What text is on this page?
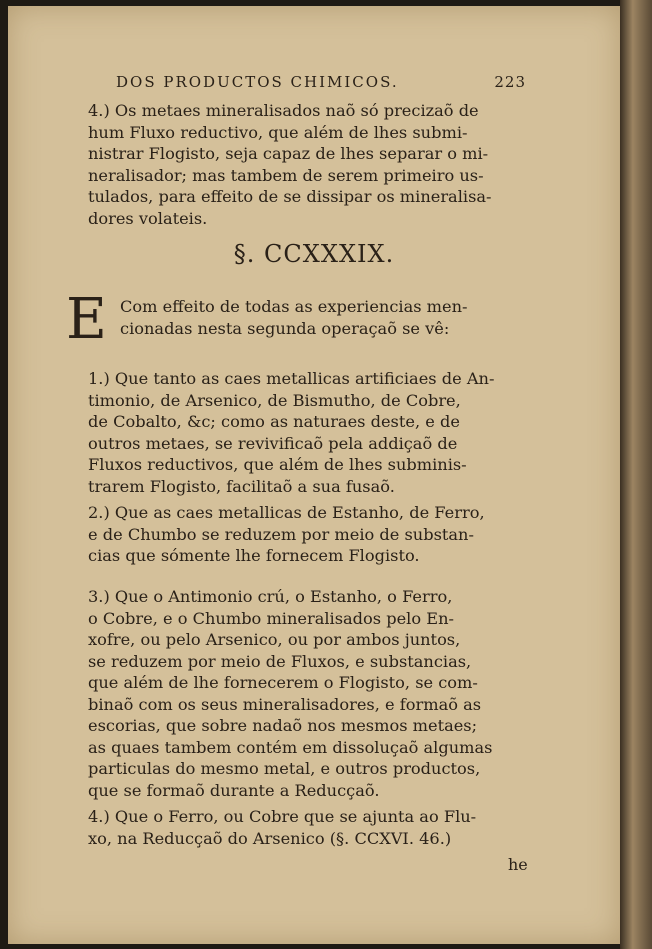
DOS PRODUCTOS CHIMICOS.	223
4.) Os metaes mineralisados naõ só precizaõ de
hum Fluxo reductivo, que além de lhes submi-
nistrar Flogisto, seja capaz de lhes separar o mi-
neralisador; mas tambem de serem primeiro us-
tulados, para effeito de se dissipar os mineralisa-
dores volateis.
§. CCXXXIX.
E Com effeito de todas as experiencias men-
cionadas nesta segunda operaçaõ se vê:
1.) Que tanto as caes metallicas artificiaes de An-
timonio, de Arsenico, de Bismutho, de Cobre,
de Cobalto, &c; como as naturaes deste, e de
outros metaes, se revivificaõ pela addiçaõ de
Fluxos reductivos, que além de lhes subminis-
trarem Flogisto, facilitaõ a sua fusaõ.
2.) Que as caes metallicas de Estanho, de Ferro,
e de Chumbo se reduzem por meio de substan-
cias que sómente lhe fornecem Flogisto.
3.) Que o Antimonio crú, o Estanho, o Ferro,
o Cobre, e o Chumbo mineralisados pelo En-
xofre, ou pelo Arsenico, ou por ambos juntos,
se reduzem por meio de Fluxos, e substancias,
que além de lhe fornecerem o Flogisto, se com-
binaõ com os seus mineralisadores, e formaõ as
escorias, que sobre nadaõ nos mesmos metaes;
as quaes tambem contém em dissoluçaõ algumas
particulas do mesmo metal, e outros productos,
que se formaõ durante a Reducçaõ.
4.) Que o Ferro, ou Cobre que se ajunta ao Flu-
xo, na Reducçaõ do Arsenico (§. CCXVI. 46.)
he
